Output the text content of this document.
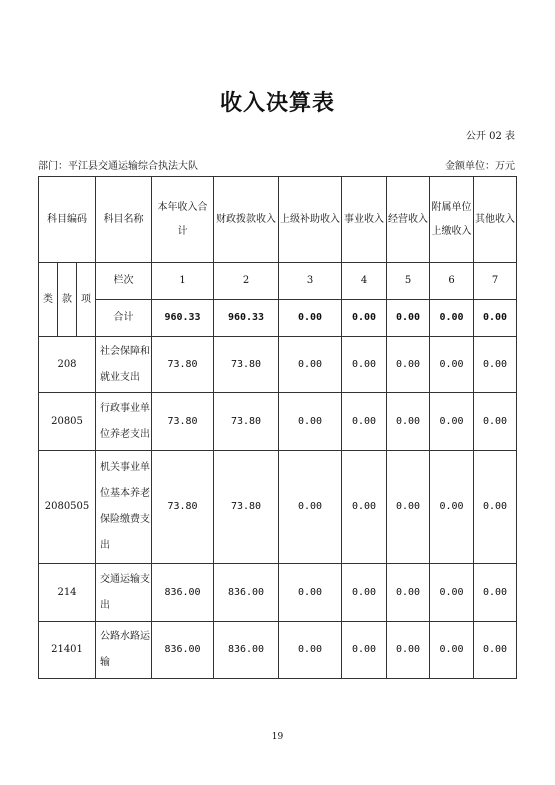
收入决算表
公开 02 表
部门：平江县交通运输综合执法大队	金额单位：万元
科目编码			科目名称	本年收入合计	财政拨款收入	上级补助收入	事业收入	经营收入	附属单位上缴收入	其他收入
类	款	项	栏次	1	2	3	4	5	6	7
			合计	960.33	960.33	0.00	0.00	0.00	0.00	0.00
208			社会保障和就业支出	73.80	73.80	0.00	0.00	0.00	0.00	0.00
20805			行政事业单位养老支出	73.80	73.80	0.00	0.00	0.00	0.00	0.00
2080505			机关事业单位基本养老保险缴费支出	73.80	73.80	0.00	0.00	0.00	0.00	0.00
214			交通运输支出	836.00	836.00	0.00	0.00	0.00	0.00	0.00
21401			公路水路运输	836.00	836.00	0.00	0.00	0.00	0.00	0.00
19
